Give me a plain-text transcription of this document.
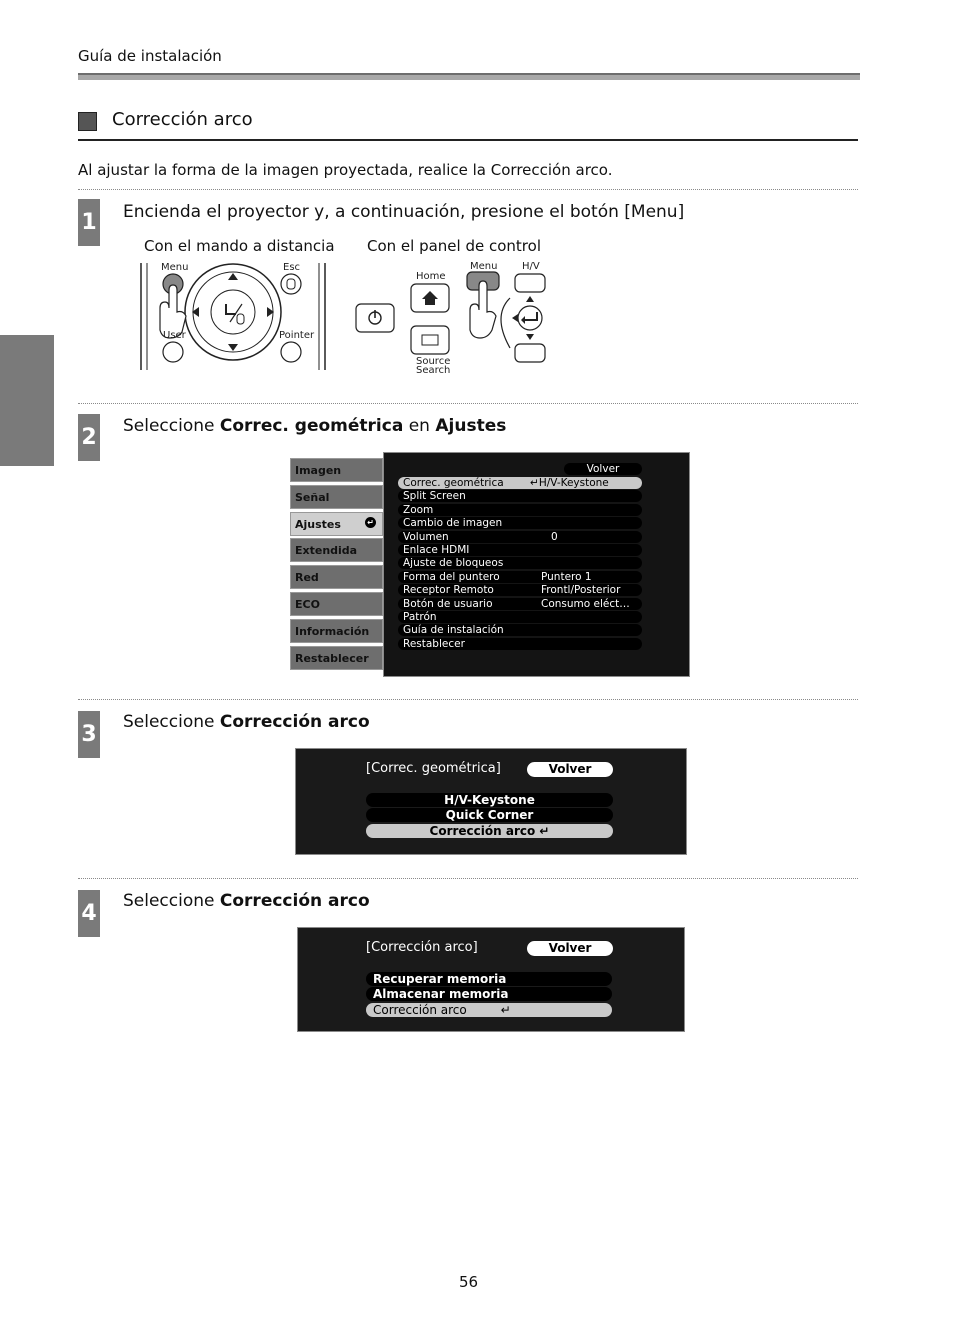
Guía de instalación
Corrección arco
Al ajustar la forma de la imagen proyectada, realice la Corrección arco.
1 Encienda el proyector y, a continuación, presione el botón [Menu]
Con el mando a distancia Con el panel de control
Menu	Esc
User	Pointer
Home
Menu H/V
Source
Search
2 Seleccione Correc. geométrica en Ajustes
Imagen
Señal
Ajustes	↵
Extendida
Red
ECO
Información
Restablecer
Volver
Correc. geométrica	↵H/V-Keystone
Split Screen
Zoom
Cambio de imagen
Volumen	0
Enlace HDMI
Ajuste de bloqueos
Forma del puntero	Puntero 1
Receptor Remoto	Frontl/Posterior
Botón de usuario	Consumo eléct…
Patrón
Guía de instalación
Restablecer
3 Seleccione Corrección arco
[Correc. geométrica]	Volver
H/V-Keystone
Quick Corner
Corrección arco ↵
4 Seleccione Corrección arco
[Corrección arco]	Volver
Recuperar memoria
Almacenar memoria
Corrección arco	↵
56
